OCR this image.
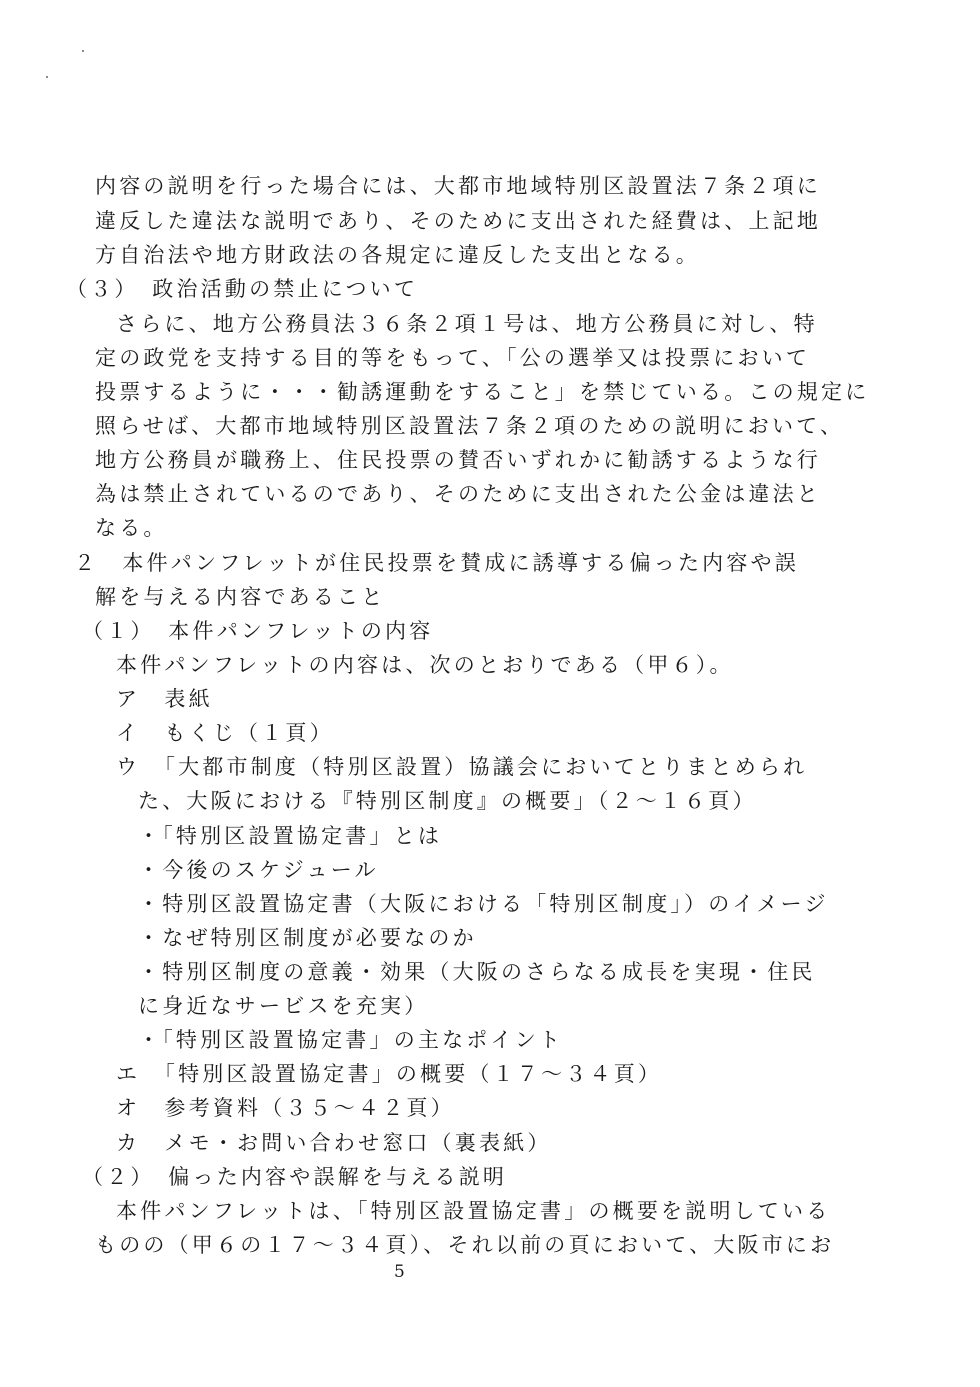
内容の説明を行った場合には、大都市地域特別区設置法７条２項に
違反した違法な説明であり、そのために支出された経費は、上記地
方自治法や地方財政法の各規定に違反した支出となる。
（３）　政治活動の禁止について
さらに、地方公務員法３６条２項１号は、地方公務員に対し、特
定の政党を支持する目的等をもって、「公の選挙又は投票において
投票するように・・・勧誘運動をすること」を禁じている。この規定に
照らせば、大都市地域特別区設置法７条２項のための説明において、
地方公務員が職務上、住民投票の賛否いずれかに勧誘するような行
為は禁止されているのであり、そのために支出された公金は違法と
なる。
２　本件パンフレットが住民投票を賛成に誘導する偏った内容や誤
解を与える内容であること
（１）　本件パンフレットの内容
本件パンフレットの内容は、次のとおりである（甲６）。
ア　表紙
イ　もくじ（１頁）
ウ　「大都市制度（特別区設置）協議会においてとりまとめられ
た、大阪における『特別区制度』の概要」（２～１６頁）
・「特別区設置協定書」とは
・今後のスケジュール
・特別区設置協定書（大阪における「特別区制度」）のイメージ
・なぜ特別区制度が必要なのか
・特別区制度の意義・効果（大阪のさらなる成長を実現・住民
に身近なサービスを充実）
・「特別区設置協定書」の主なポイント
エ　「特別区設置協定書」の概要（１７～３４頁）
オ　参考資料（３５～４２頁）
カ　メモ・お問い合わせ窓口（裏表紙）
（２）　偏った内容や誤解を与える説明
本件パンフレットは、「特別区設置協定書」の概要を説明している
ものの（甲６の１７～３４頁）、それ以前の頁において、大阪市にお
5
